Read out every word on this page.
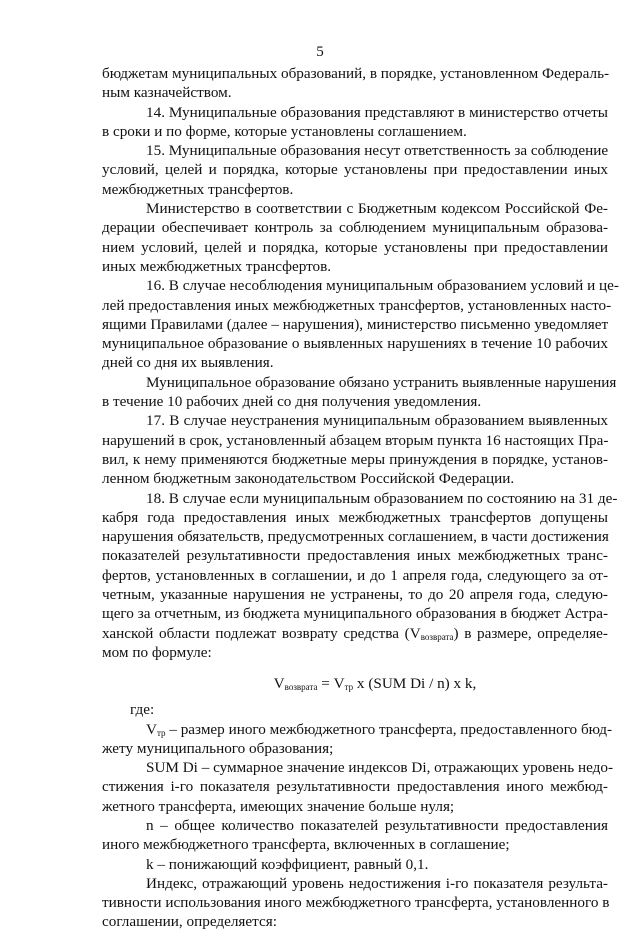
5
бюджетам муниципальных образований, в порядке, установленном Федераль-
ным казначейством.
14. Муниципальные образования представляют в министерство отчеты
в сроки и по форме, которые установлены соглашением.
15. Муниципальные образования несут ответственность за соблюдение
условий, целей и порядка, которые установлены при предоставлении иных
межбюджетных трансфертов.
Министерство в соответствии с Бюджетным кодексом Российской Фе-
дерации обеспечивает контроль за соблюдением муниципальным образова-
нием условий, целей и порядка, которые установлены при предоставлении
иных межбюджетных трансфертов.
16. В случае несоблюдения муниципальным образованием условий и це-
лей предоставления иных межбюджетных трансфертов, установленных насто-
ящими Правилами (далее – нарушения), министерство письменно уведомляет
муниципальное образование о выявленных нарушениях в течение 10 рабочих
дней со дня их выявления.
Муниципальное образование обязано устранить выявленные нарушения
в течение 10 рабочих дней со дня получения уведомления.
17. В случае неустранения муниципальным образованием выявленных
нарушений в срок, установленный абзацем вторым пункта 16 настоящих Пра-
вил, к нему применяются бюджетные меры принуждения в порядке, установ-
ленном бюджетным законодательством Российской Федерации.
18. В случае если муниципальным образованием по состоянию на 31 де-
кабря года предоставления иных межбюджетных трансфертов допущены
нарушения обязательств, предусмотренных соглашением, в части достижения
показателей результативности предоставления иных межбюджетных транс-
фертов, установленных в соглашении, и до 1 апреля года, следующего за от-
четным, указанные нарушения не устранены, то до 20 апреля года, следую-
щего за отчетным, из бюджета муниципального образования в бюджет Астра-
ханской области подлежат возврату средства $(V_{возврата})$ в размере, определяе-
мом по формуле:
$V_{возврата} = V_{тр}$ x (SUM Di / n) x k,
где:
$V_{тр}$ – размер иного межбюджетного трансферта, предоставленного бюд-
жету муниципального образования;
SUM Di – суммарное значение индексов Di, отражающих уровень недо-
стижения i-го показателя результативности предоставления иного межбюд-
жетного трансферта, имеющих значение больше нуля;
n – общее количество показателей результативности предоставления
иного межбюджетного трансферта, включенных в соглашение;
k – понижающий коэффициент, равный 0,1.
Индекс, отражающий уровень недостижения i-го показателя результа-
тивности использования иного межбюджетного трансферта, установленного в
соглашении, определяется:
